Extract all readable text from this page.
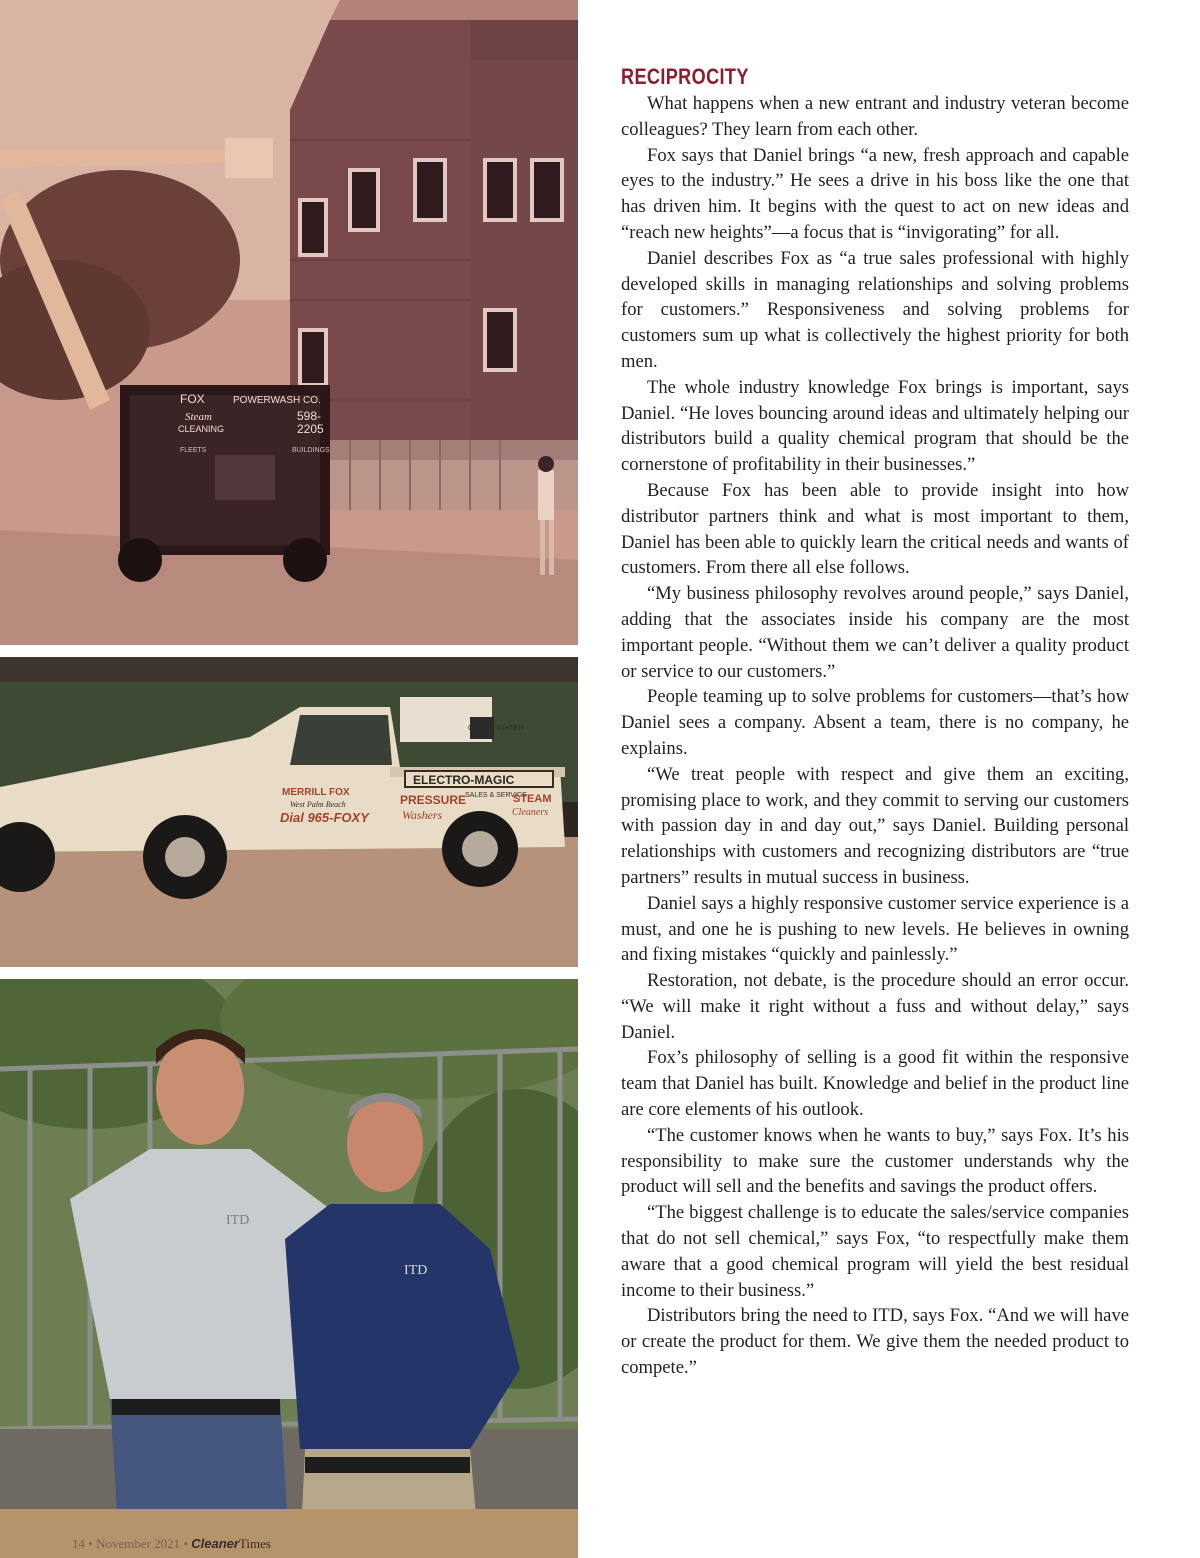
FOX	POWERWASH CO.
Steam
CLEANING
598-
2205
FLEETS	BUILDINGS
GRIME FIGHTER
ELECTRO-MAGIC
MERRILL FOX
West Palm Beach
Dial 965-FOXY
PRESSURE
Washers
SALES & SERVICE
STEAM
Cleaners
ITD
ITD
14 • November 2021 • CleanerTimes
RECIPROCITY

What happens when a new entrant and industry veteran become colleagues? They learn from each other.

Fox says that Daniel brings “a new, fresh approach and capable eyes to the industry.” He sees a drive in his boss like the one that has driven him. It begins with the quest to act on new ideas and “reach new heights”—a focus that is “invigorating” for all.

Daniel describes Fox as “a true sales professional with highly developed skills in managing relationships and solving problems for customers.” Responsiveness and solving problems for customers sum up what is collectively the highest priority for both men.

The whole industry knowledge Fox brings is important, says Daniel. “He loves bouncing around ideas and ultimately helping our distributors build a quality chemical program that should be the cornerstone of profitability in their businesses.”

Because Fox has been able to provide insight into how distributor partners think and what is most important to them, Daniel has been able to quickly learn the critical needs and wants of customers. From there all else follows.

“My business philosophy revolves around people,” says Daniel, adding that the associates inside his company are the most important people. “Without them we can’t deliver a quality product or service to our customers.”

People teaming up to solve problems for customers—that’s how Daniel sees a company. Absent a team, there is no company, he explains.

“We treat people with respect and give them an exciting, promising place to work, and they commit to serving our customers with passion day in and day out,” says Daniel. Building personal relationships with customers and recognizing distributors are “true partners” results in mutual success in business.

Daniel says a highly responsive customer service experience is a must, and one he is pushing to new levels. He believes in owning and fixing mistakes “quickly and painlessly.”

Restoration, not debate, is the procedure should an error occur. “We will make it right without a fuss and without delay,” says Daniel.

Fox’s philosophy of selling is a good fit within the responsive team that Daniel has built. Knowledge and belief in the product line are core elements of his outlook.

“The customer knows when he wants to buy,” says Fox. It’s his responsibility to make sure the customer understands why the product will sell and the benefits and savings the product offers.

“The biggest challenge is to educate the sales/service companies that do not sell chemical,” says Fox, “to respectfully make them aware that a good chemical program will yield the best residual income to their business.”

Distributors bring the need to ITD, says Fox. “And we will have or create the product for them. We give them the needed product to compete.”
